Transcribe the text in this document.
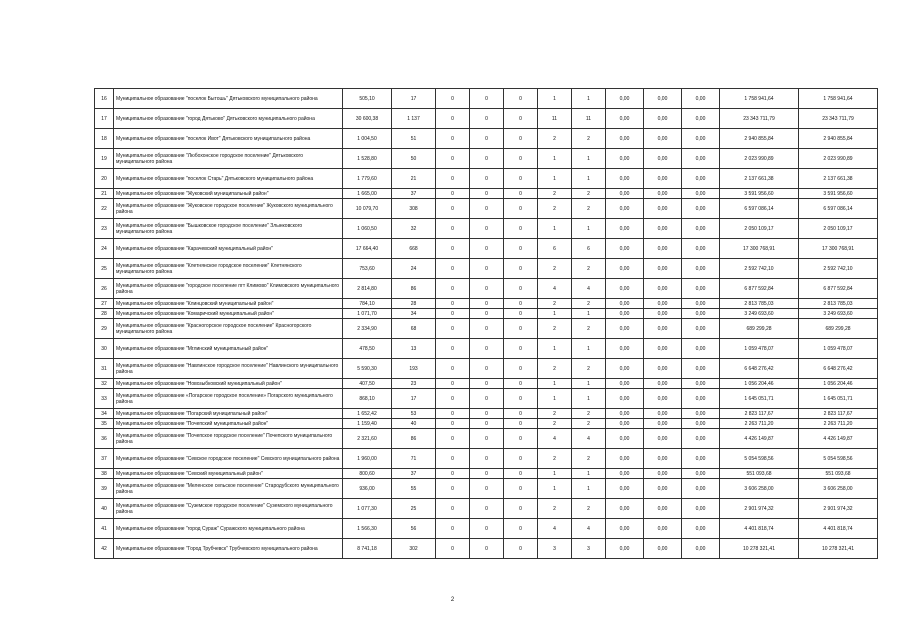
16	Муниципальное образование "поселок Бытошь" Дятьковского муниципального района	505,10	17	0	0	0	1	1	0,00	0,00	0,00	1 758 941,64	1 758 941,64
17	Муниципальное образование "город Дятьково" Дятьковского муниципального района	30 600,38	1 137	0	0	0	11	11	0,00	0,00	0,00	23 343 711,79	23 343 711,79
18	Муниципальное образование "поселок Ивот" Дятьковского муниципального района	1 004,50	51	0	0	0	2	2	0,00	0,00	0,00	2 940 855,84	2 940 855,84
19	Муниципальное образование "Любохонское городское поселение" Дятьковского муниципального района	1 528,80	50	0	0	0	1	1	0,00	0,00	0,00	2 023 990,89	2 023 990,89
20	Муниципальное образование "поселок Старь" Дятьковского муниципального района	1 779,60	21	0	0	0	1	1	0,00	0,00	0,00	2 137 661,38	2 137 661,38
21	Муниципальное образование "Жуковский муниципальный район"	1 665,00	37	0	0	0	2	2	0,00	0,00	0,00	3 591 956,60	3 591 956,60
22	Муниципальное образование "Жуковское городское поселение" Жуковского муниципального района	10 079,70	308	0	0	0	2	2	0,00	0,00	0,00	6 597 086,14	6 597 086,14
23	Муниципальное образование "Бышковское городское поселение" Злынковского муниципального района	1 060,50	32	0	0	0	1	1	0,00	0,00	0,00	2 050 109,17	2 050 109,17
24	Муниципальное образование "Карачевский муниципальный район"	17 664,40	668	0	0	0	6	6	0,00	0,00	0,00	17 300 768,91	17 300 768,91
25	Муниципальное образование "Клетнянское городское поселение" Клетнянского муниципального района	753,60	24	0	0	0	2	2	0,00	0,00	0,00	2 592 742,10	2 592 742,10
26	Муниципальное образование "городское поселение пгт Климово" Климовского муниципального района	2 814,80	86	0	0	0	4	4	0,00	0,00	0,00	6 877 592,84	6 877 592,84
27	Муниципальное образование "Клинцовский муниципальный район"	784,10	28	0	0	0	2	2	0,00	0,00	0,00	2 813 785,03	2 813 785,03
28	Муниципальное образование "Комаричский муниципальный район"	1 071,70	34	0	0	0	1	1	0,00	0,00	0,00	3 249 693,60	3 249 693,60
29	Муниципальное образование "Красногорское городское поселение" Красногорского муниципального района	2 334,90	68	0	0	0	2	2	0,00	0,00	0,00	689 299,28	689 299,28
30	Муниципальное образование "Мглинский муниципальный район"	478,50	13	0	0	0	1	1	0,00	0,00	0,00	1 059 478,07	1 059 478,07
31	Муниципальное образование "Навлинское городское поселение" Навлинского муниципального района	5 590,30	193	0	0	0	2	2	0,00	0,00	0,00	6 648 276,42	6 648 276,42
32	Муниципальное образование "Новозыбковский муниципальный район"	407,50	23	0	0	0	1	1	0,00	0,00	0,00	1 056 204,46	1 056 204,46
33	Муниципальное образование «Погарское городское поселение» Погарского муниципального района	868,10	17	0	0	0	1	1	0,00	0,00	0,00	1 645 051,71	1 645 051,71
34	Муниципальное образование "Погарский муниципальный район"	1 652,42	53	0	0	0	2	2	0,00	0,00	0,00	2 823 117,67	2 823 117,67
35	Муниципальное образование "Почепский муниципальный район"	1 159,40	40	0	0	0	2	2	0,00	0,00	0,00	2 263 711,20	2 263 711,20
36	Муниципальное образование "Почепское городское поселение" Почепского муниципального района	2 321,60	86	0	0	0	4	4	0,00	0,00	0,00	4 426 149,87	4 426 149,87
37	Муниципальное образование "Севское городское поселение" Севского муниципального района	1 960,00	71	0	0	0	2	2	0,00	0,00	0,00	5 054 598,56	5 054 598,56
38	Муниципальное образование "Севский муниципальный район"	800,60	37	0	0	0	1	1	0,00	0,00	0,00	551 093,68	551 093,68
39	Муниципальное образование "Меленское сельское поселение" Стародубского муниципального района	936,00	55	0	0	0	1	1	0,00	0,00	0,00	3 606 258,00	3 606 258,00
40	Муниципальное образование "Суземское городское поселение" Суземского муниципального района	1 077,30	25	0	0	0	2	2	0,00	0,00	0,00	2 901 974,32	2 901 974,32
41	Муниципальное образование "город Сураж" Суражского муниципального района	1 566,30	56	0	0	0	4	4	0,00	0,00	0,00	4 401 818,74	4 401 818,74
42	Муниципальное образование "Город Трубчевск" Трубчевского муниципального района	8 741,18	302	0	0	0	3	3	0,00	0,00	0,00	10 278 321,41	10 278 321,41
2
